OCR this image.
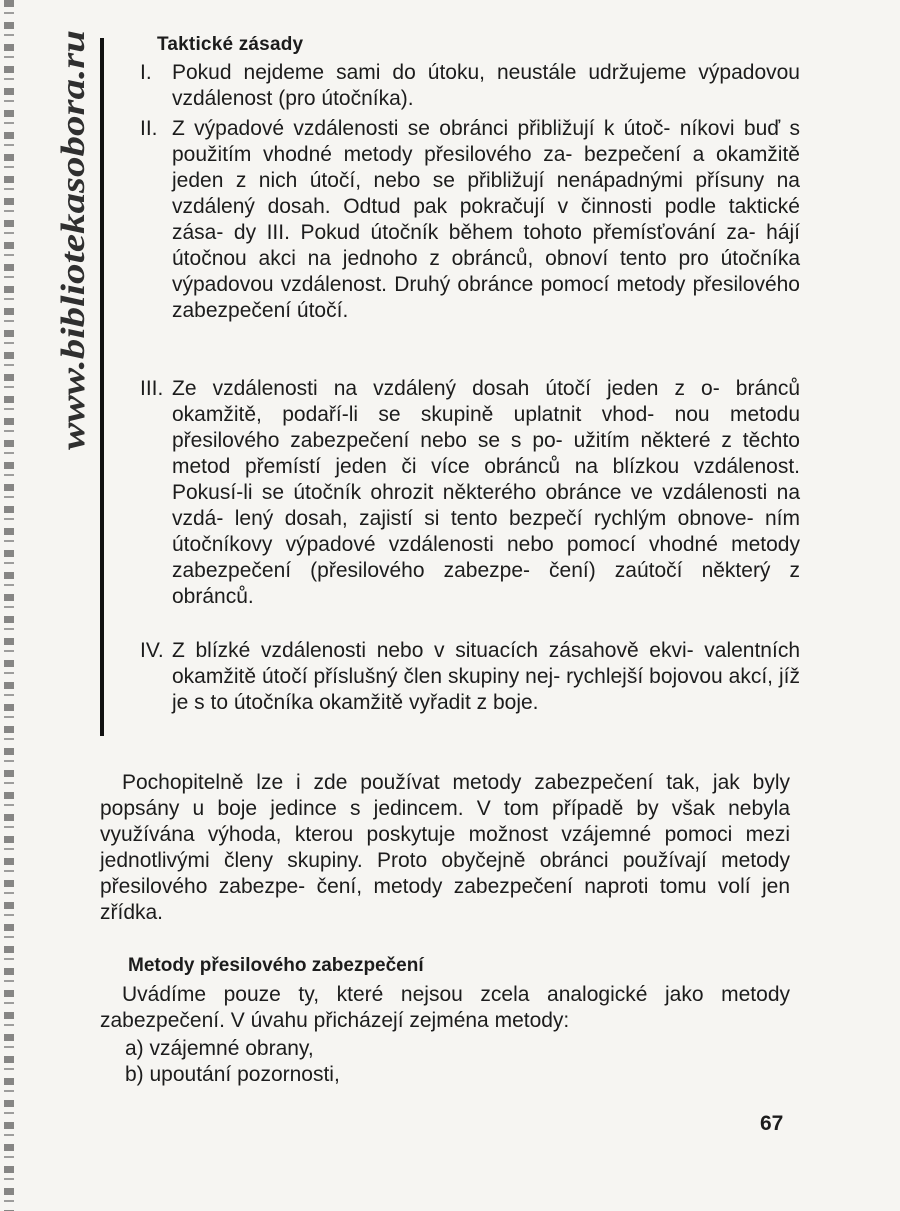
www.bibliotekasobora.ru
Taktické zásady
I. Pokud nejdeme sami do útoku, neustále udržujeme výpadovou vzdálenost (pro útočníka).
II. Z výpadové vzdálenosti se obránci přibližují k útoč- níkovi buď s použitím vhodné metody přesilového za- bezpečení a okamžitě jeden z nich útočí, nebo se přibližují nenápadnými přísuny na vzdálený dosah. Odtud pak pokračují v činnosti podle taktické zása- dy III. Pokud útočník během tohoto přemísťování za- hájí útočnou akci na jednoho z obránců, obnoví tento pro útočníka výpadovou vzdálenost. Druhý obránce pomocí metody přesilového zabezpečení útočí.
III. Ze vzdálenosti na vzdálený dosah útočí jeden z o- bránců okamžitě, podaří-li se skupině uplatnit vhod- nou metodu přesilového zabezpečení nebo se s po- užitím některé z těchto metod přemístí jeden či více obránců na blízkou vzdálenost. Pokusí-li se útočník ohrozit některého obránce ve vzdálenosti na vzdá- lený dosah, zajistí si tento bezpečí rychlým obnove- ním útočníkovy výpadové vzdálenosti nebo pomocí vhodné metody zabezpečení (přesilového zabezpe- čení) zaútočí některý z obránců.
IV. Z blízké vzdálenosti nebo v situacích zásahově ekvi- valentních okamžitě útočí příslušný člen skupiny nej- rychlejší bojovou akcí, jíž je s to útočníka okamžitě vyřadit z boje.
Pochopitelně lze i zde používat metody zabezpečení tak, jak byly popsány u boje jedince s jedincem. V tom případě by však nebyla využívána výhoda, kterou poskytuje možnost vzájemné pomoci mezi jednotlivými členy skupiny. Proto obyčejně obránci používají metody přesilového zabezpe- čení, metody zabezpečení naproti tomu volí jen zřídka.
Metody přesilového zabezpečení
Uvádíme pouze ty, které nejsou zcela analogické jako metody zabezpečení. V úvahu přicházejí zejména metody:
a) vzájemné obrany,
b) upoutání pozornosti,
67
